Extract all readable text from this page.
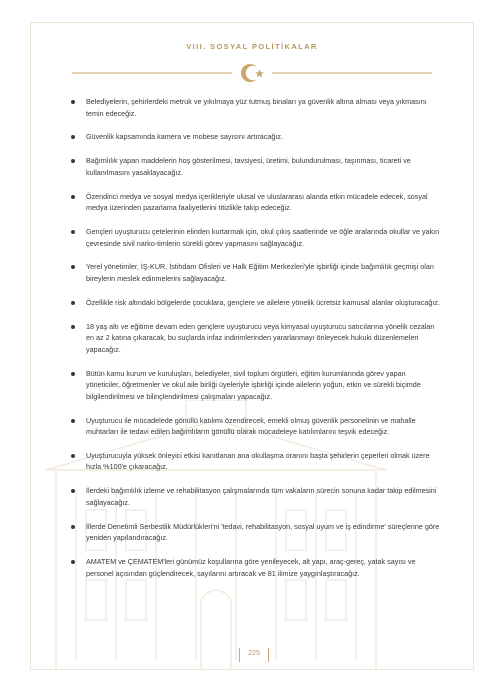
VIII. SOSYAL POLİTİKALAR
Belediyelerin, şehirlerdeki metruk ve yıkılmaya yüz tutmuş binaları ya güvenlik altına alması veya yıkmasını temin edeceğiz.
Güvenlik kapsamında kamera ve mobese sayısını artıracağız.
Bağımlılık yapan maddelerin hoş gösterilmesi, tavsiyesi, üretimi, bulundurulması, taşınması, ticareti ve kullanılmasını yasaklayacağız.
Özendirici medya ve sosyal medya içerikleriyle ulusal ve uluslararası alanda etkin mücadele edecek, sosyal medya üzerinden pazarlama faaliyetlerini titizlikle takip edeceğiz.
Gençleri uyuşturucu çetelerinin elinden kurtarmak için, okul çıkış saatlerinde ve öğle aralarında okullar ve yakın çevresinde sivil narko-timlerin sürekli görev yapmasını sağlayacağız.
Yerel yönetimler, İŞ-KUR, İstihdam Ofisleri ve Halk Eğitim Merkezleri'yle işbirliği içinde bağımlılık geçmişi olan bireylerin meslek edinmelerini sağlayacağız.
Özellikle risk altındaki bölgelerde çocuklara, gençlere ve ailelere yönelik ücretsiz kamusal alanlar oluşturacağız.
18 yaş altı ve eğitime devam eden gençlere uyuşturucu veya kimyasal uyuşturucu satıcılarına yönelik cezaları en az 2 katına çıkaracak, bu suçlarda infaz indirimlerinden yararlanmayı önleyecek hukuki düzenlemeleri yapacağız.
Bütün kamu kurum ve kuruluşları, belediyeler, sivil toplum örgütleri, eğitim kurumlarında görev yapan yöneticiler, öğretmenler ve okul aile birliği üyeleriyle işbirliği içinde ailelerin yoğun, etkin ve sürekli biçimde bilgilendirilmesi ve bilinçlendirilmesi çalışmaları yapacağız.
Uyuşturucu ile mücadelede gönüllü katılımı özendirecek, emekli olmuş güvenlik personelinin ve mahalle muhtarları ile tedavi edilen bağımlıların gönüllü olarak mücadeleye katılımlarını teşvik edeceğiz.
Uyuşturucuyla yüksek önleyici etkisi kanıtlanan ana okullaşma oranını başta şehirlerin çeperleri olmak üzere hızla %100'e çıkaracağız.
İlerdeki bağımlılık izleme ve rehabilitasyon çalışmalarında tüm vakaların sürecin sonuna kadar takip edilmesini sağlayacağız.
İllerde Denetimli Serbestlik Müdürlükleri'ni 'tedavi, rehabilitasyon, sosyal uyum ve iş edindirme' süreçlerine göre yeniden yapılandıracağız.
AMATEM ve ÇEMATEM'leri günümüz koşullarına göre yenileyecek, alt yapı, araç-gereç, yatak sayısı ve personel açısından güçlendirecek, sayılarını artıracak ve 81 ilimize yaygınlaştıracağız.
225
